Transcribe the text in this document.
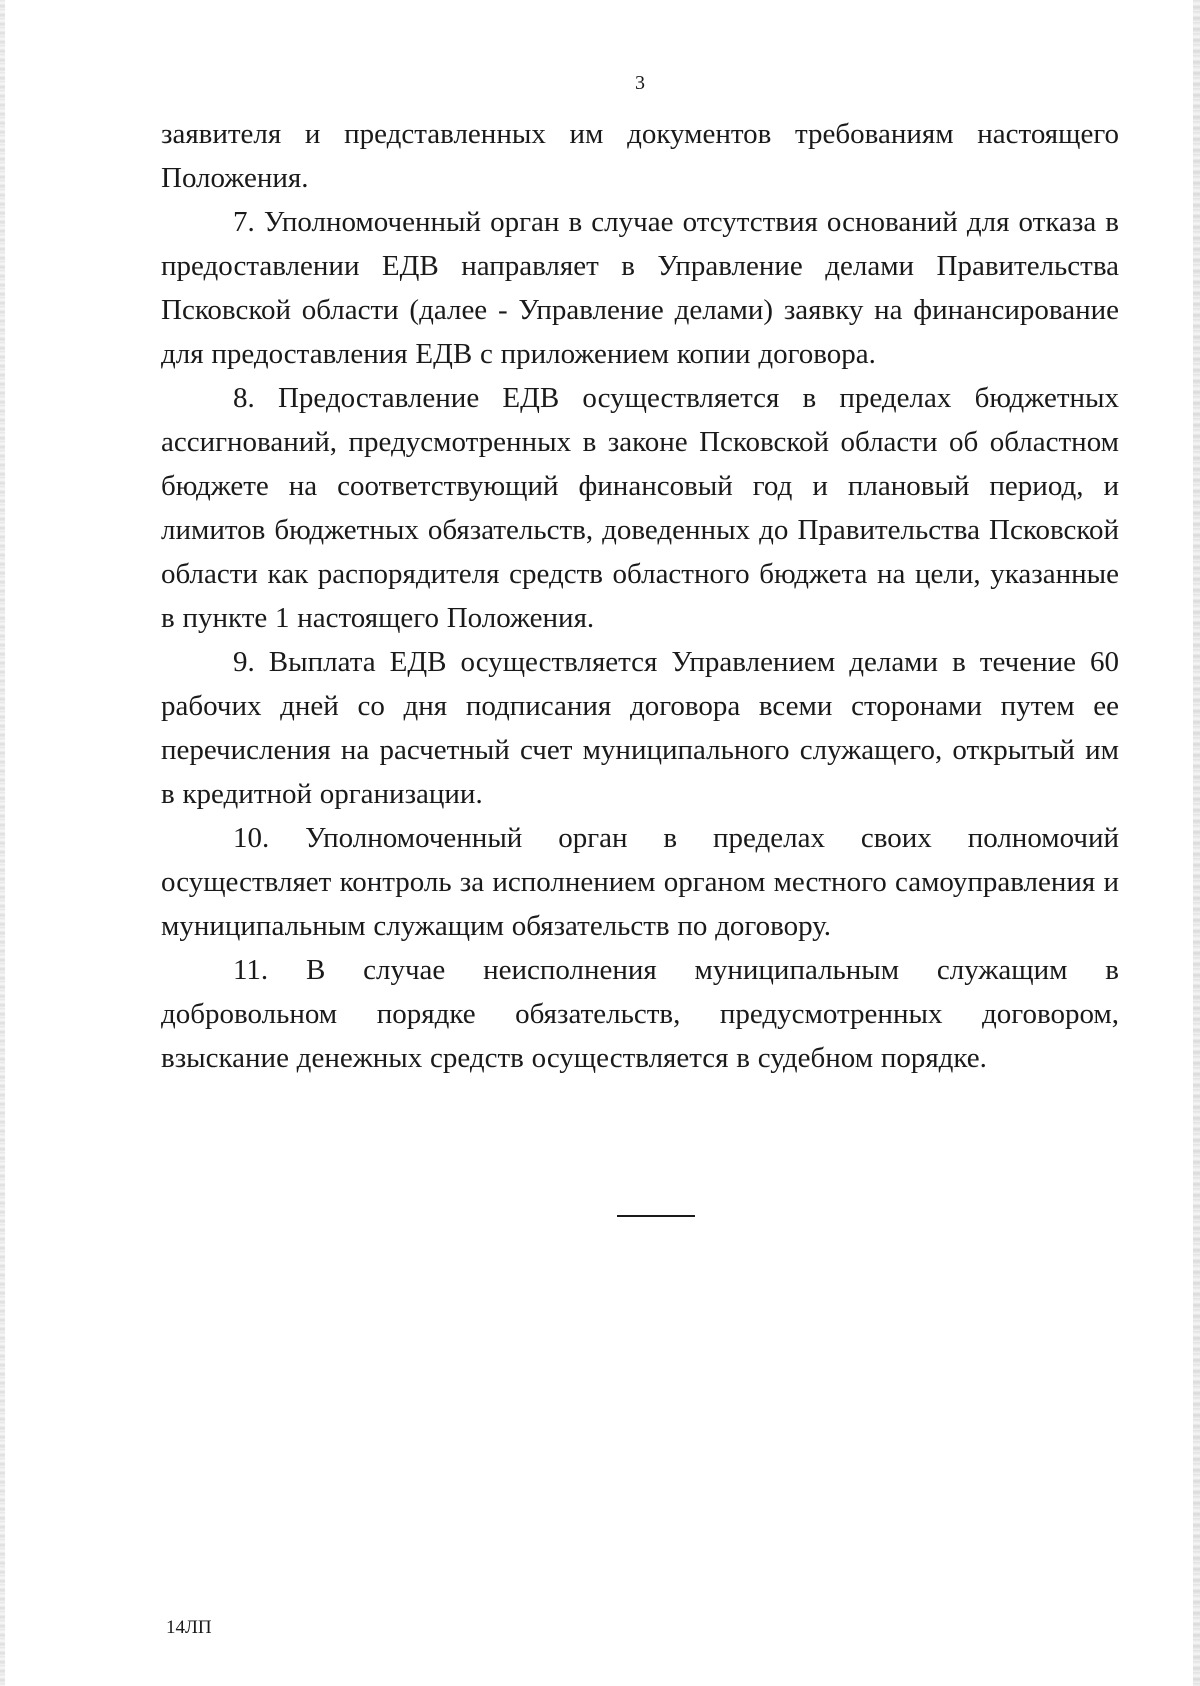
3

заявителя и представленных им документов требованиям настоящего Положения.

7. Уполномоченный орган в случае отсутствия оснований для отказа в предоставлении ЕДВ направляет в Управление делами Правительства Псковской области (далее - Управление делами) заявку на финансирование для предоставления ЕДВ с приложением копии договора.

8. Предоставление ЕДВ осуществляется в пределах бюджетных ассигнований, предусмотренных в законе Псковской области об областном бюджете на соответствующий финансовый год и плановый период, и лимитов бюджетных обязательств, доведенных до Правительства Псковской области как распорядителя средств областного бюджета на цели, указанные в пункте 1 настоящего Положения.

9. Выплата ЕДВ осуществляется Управлением делами в течение 60 рабочих дней со дня подписания договора всеми сторонами путем ее перечисления на расчетный счет муниципального служащего, открытый им в кредитной организации.

10. Уполномоченный орган в пределах своих полномочий осуществляет контроль за исполнением органом местного самоуправления и муниципальным служащим обязательств по договору.

11. В случае неисполнения муниципальным служащим в добровольном порядке обязательств, предусмотренных договором, взыскание денежных средств осуществляется в судебном порядке.

14ЛП
